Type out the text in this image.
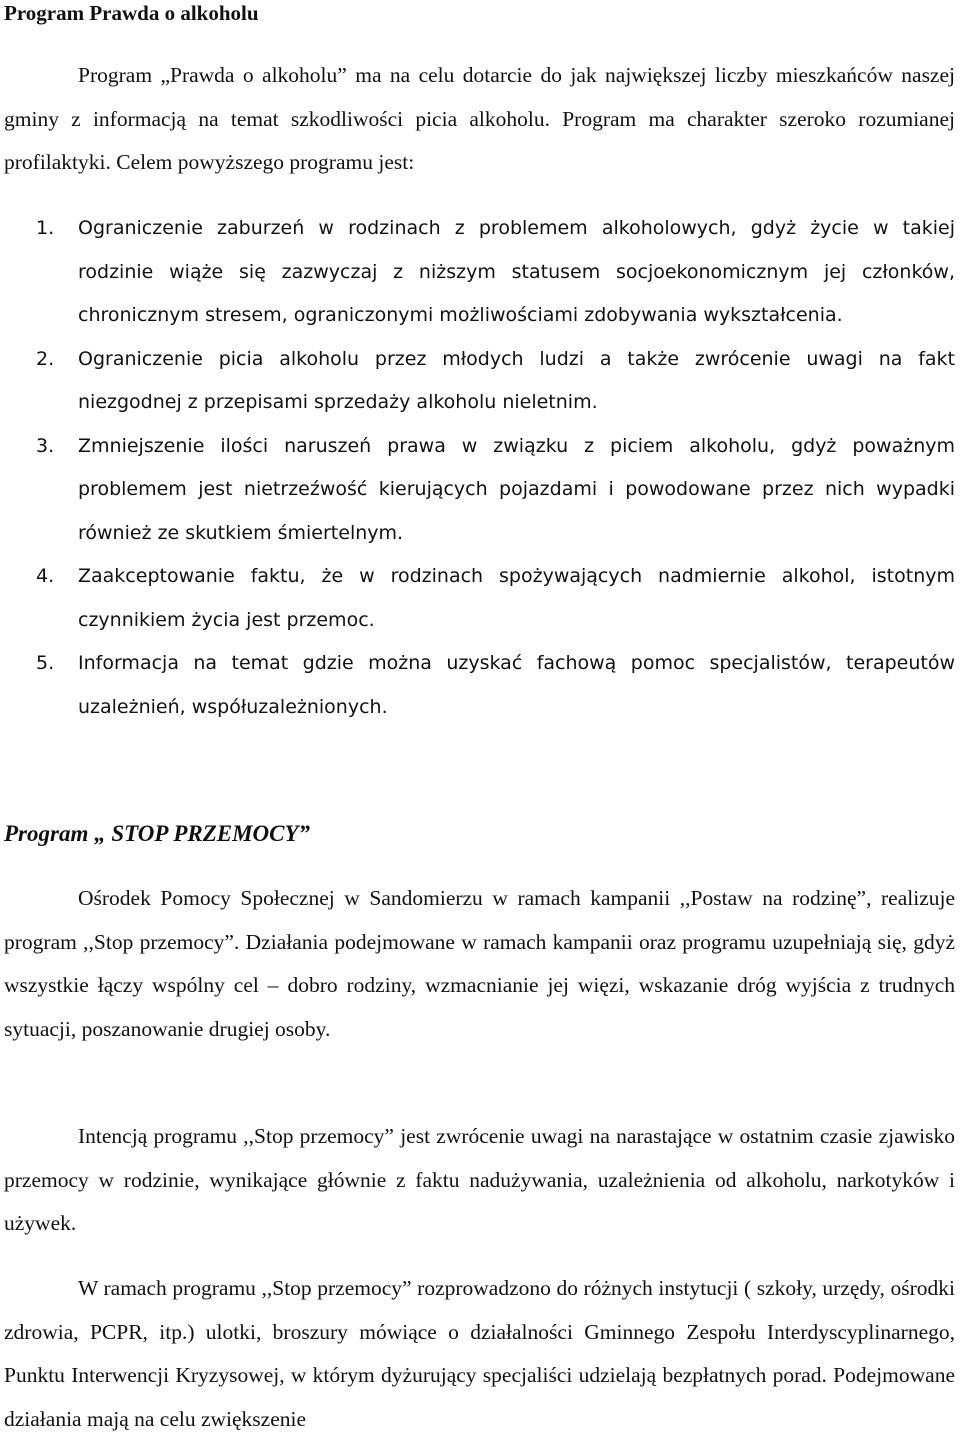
Program Prawda o alkoholu

Program „Prawda o alkoholu” ma na celu dotarcie do jak największej liczby mieszkańców naszej gminy z informacją na temat szkodliwości picia alkoholu. Program ma charakter szeroko rozumianej profilaktyki. Celem powyższego programu jest:

1. Ograniczenie zaburzeń w rodzinach z problemem alkoholowych, gdyż życie w takiej rodzinie wiąże się zazwyczaj z niższym statusem socjoekonomicznym jej członków, chronicznym stresem, ograniczonymi możliwościami zdobywania wykształcenia.
2. Ograniczenie picia alkoholu przez młodych ludzi a także zwrócenie uwagi na fakt niezgodnej z przepisami sprzedaży alkoholu nieletnim.
3. Zmniejszenie ilości naruszeń prawa w związku z piciem alkoholu, gdyż poważnym problemem jest nietrzeźwość kierujących pojazdami i powodowane przez nich wypadki również ze skutkiem śmiertelnym.
4. Zaakceptowanie faktu, że w rodzinach spożywających nadmiernie alkohol, istotnym czynnikiem życia jest przemoc.
5. Informacja na temat gdzie można uzyskać fachową pomoc specjalistów, terapeutów uzależnień, współuzależnionych.
Program „ STOP PRZEMOCY”

Ośrodek Pomocy Społecznej w Sandomierzu w ramach kampanii ,,Postaw na rodzinę”, realizuje program ,,Stop przemocy”. Działania podejmowane w ramach kampanii oraz programu uzupełniają się, gdyż wszystkie łączy wspólny cel – dobro rodziny, wzmacnianie jej więzi, wskazanie dróg wyjścia z trudnych sytuacji, poszanowanie drugiej osoby.

Intencją programu ,,Stop przemocy” jest zwrócenie uwagi na narastające w ostatnim czasie zjawisko przemocy w rodzinie, wynikające głównie z faktu nadużywania, uzależnienia od alkoholu, narkotyków i używek.

W ramach programu ,,Stop przemocy” rozprowadzono do różnych instytucji ( szkoły, urzędy, ośrodki zdrowia, PCPR, itp.) ulotki, broszury mówiące o działalności Gminnego Zespołu Interdyscyplinarnego, Punktu Interwencji Kryzysowej, w którym dyżurujący specjaliści udzielają bezpłatnych porad. Podejmowane działania mają na celu zwiększenie
